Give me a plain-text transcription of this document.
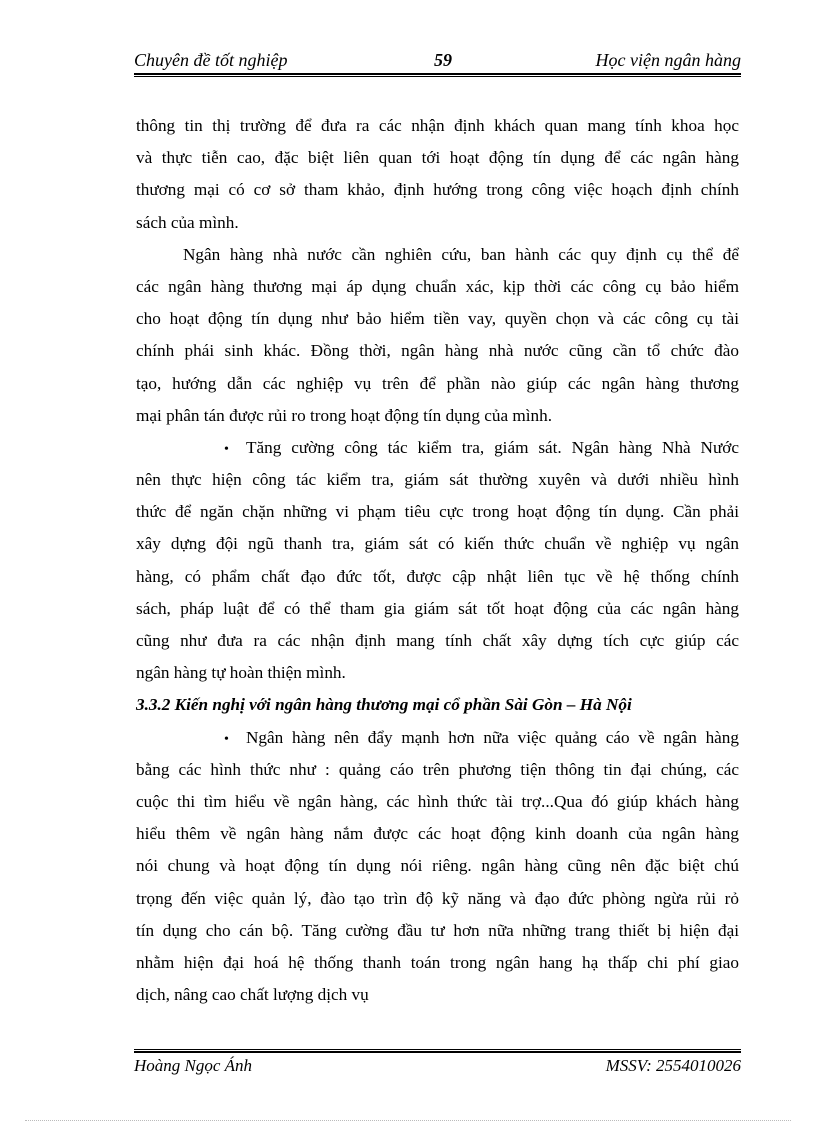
Chuyên đề tốt nghiệp	59	Học viện ngân hàng
thông tin thị trường để đưa ra các nhận định khách quan mang tính khoa học
và thực tiễn cao, đặc biệt liên quan tới hoạt động tín dụng để các ngân hàng
thương mại có cơ sở tham khảo, định hướng trong công việc hoạch định chính
sách của mình.
Ngân hàng nhà nước cần nghiên cứu, ban hành các quy định cụ thể để
các ngân hàng thương mại áp dụng chuẩn xác, kịp thời các công cụ bảo hiểm
cho hoạt động tín dụng như bảo hiểm tiền vay, quyền chọn và các công cụ tài
chính phái sinh khác. Đồng thời, ngân hàng nhà nước cũng cần tổ chức đào
tạo, hướng dẫn các nghiệp vụ trên để phần nào giúp các ngân hàng thương
mại phân tán được rủi ro trong hoạt động tín dụng của mình.
• Tăng cường công tác kiểm tra, giám sát. Ngân hàng Nhà Nước
nên thực hiện công tác kiểm tra, giám sát thường xuyên và dưới nhiều hình
thức để ngăn chặn những vi phạm tiêu cực trong hoạt động tín dụng. Cần phải
xây dựng đội ngũ thanh tra, giám sát có kiến thức chuẩn về nghiệp vụ ngân
hàng, có phẩm chất đạo đức tốt, được cập nhật liên tục về hệ thống chính
sách, pháp luật để có thể tham gia giám sát tốt hoạt động của các ngân hàng
cũng như đưa ra các nhận định mang tính chất xây dựng tích cực giúp các
ngân hàng tự hoàn thiện mình.
3.3.2 Kiến nghị với ngân hàng thương mại cổ phần Sài Gòn – Hà Nội
• Ngân hàng nên đẩy mạnh hơn nữa việc quảng cáo về ngân hàng
bằng các hình thức như : quảng cáo trên phương tiện thông tin đại chúng, các
cuộc thi tìm hiểu về ngân hàng, các hình thức tài trợ...Qua đó giúp khách hàng
hiểu thêm về ngân hàng nắm được các hoạt động kinh doanh của ngân hàng
nói chung và hoạt động tín dụng nói riêng. ngân hàng cũng nên đặc biệt chú
trọng đến việc quản lý, đào tạo trìn độ kỹ năng và đạo đức phòng ngừa rủi rỏ
tín dụng cho cán bộ. Tăng cường đầu tư hơn nữa những trang thiết bị hiện đại
nhằm hiện đại hoá hệ thống thanh toán trong ngân hang hạ thấp chi phí giao
dịch, nâng cao chất lượng dịch vụ
Hoàng Ngọc Ánh	MSSV: 2554010026
